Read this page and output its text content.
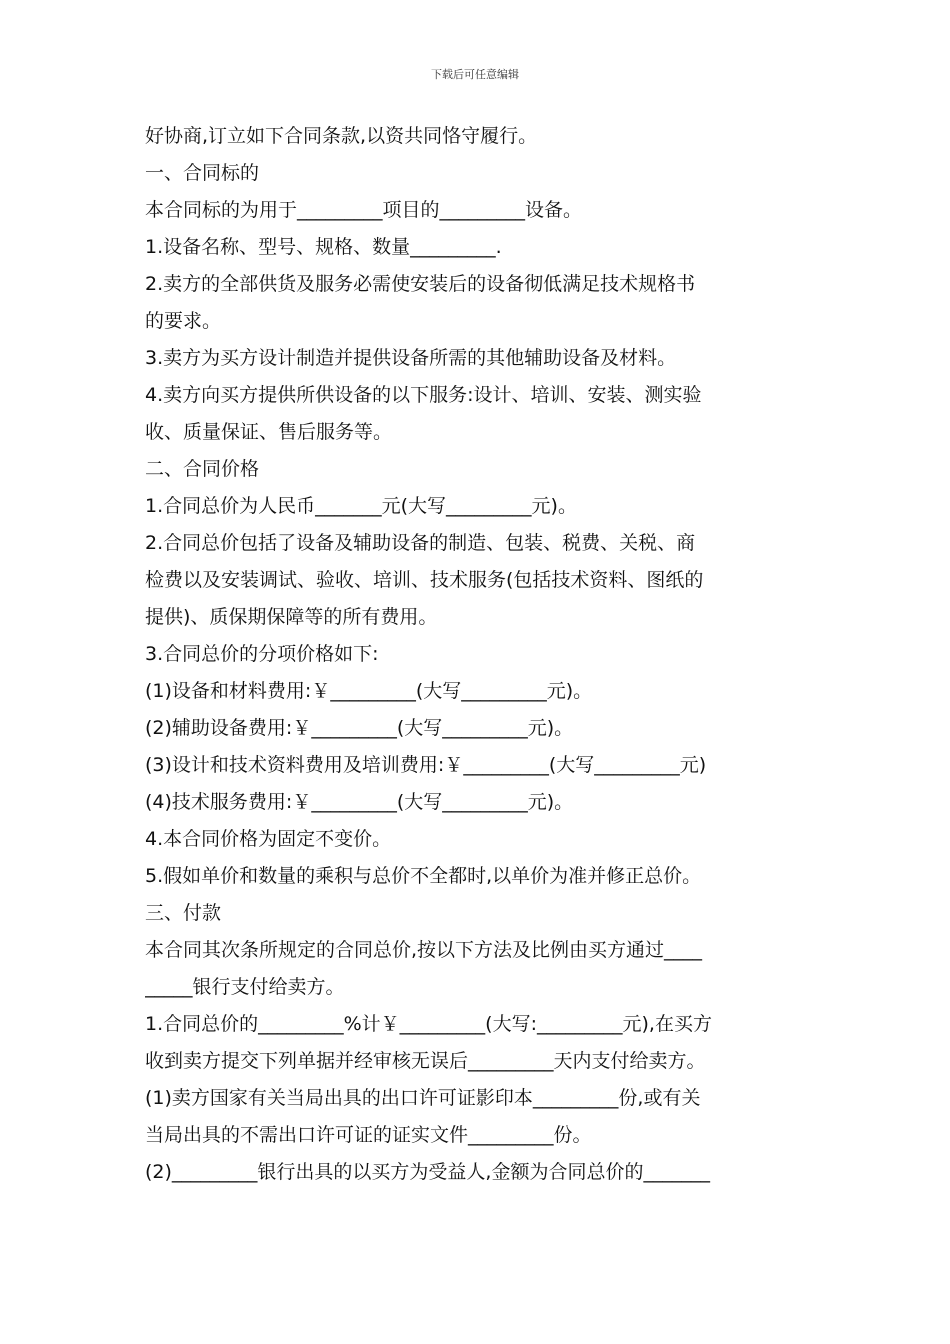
下载后可任意编辑
好协商,订立如下合同条款,以资共同恪守履行。
一、合同标的
本合同标的为用于_________项目的_________设备。
1.设备名称、型号、规格、数量_________.
2.卖方的全部供货及服务必需使安装后的设备彻低满足技术规格书
的要求。
3.卖方为买方设计制造并提供设备所需的其他辅助设备及材料。
4.卖方向买方提供所供设备的以下服务:设计、培训、安装、测实验
收、质量保证、售后服务等。
二、合同价格
1.合同总价为人民币_______元(大写_________元)。
2.合同总价包括了设备及辅助设备的制造、包装、税费、关税、商
检费以及安装调试、验收、培训、技术服务(包括技术资料、图纸的
提供)、质保期保障等的所有费用。
3.合同总价的分项价格如下:
(1)设备和材料费用:￥_________(大写_________元)。
(2)辅助设备费用:￥_________(大写_________元)。
(3)设计和技术资料费用及培训费用:￥_________(大写_________元)
(4)技术服务费用:￥_________(大写_________元)。
4.本合同价格为固定不变价。
5.假如单价和数量的乘积与总价不全都时,以单价为准并修正总价。
三、付款
本合同其次条所规定的合同总价,按以下方法及比例由买方通过____
_____银行支付给卖方。
1.合同总价的_________%计￥_________(大写:_________元),在买方
收到卖方提交下列单据并经审核无误后_________天内支付给卖方。
(1)卖方国家有关当局出具的出口许可证影印本_________份,或有关
当局出具的不需出口许可证的证实文件_________份。
(2)_________银行出具的以买方为受益人,金额为合同总价的_______
